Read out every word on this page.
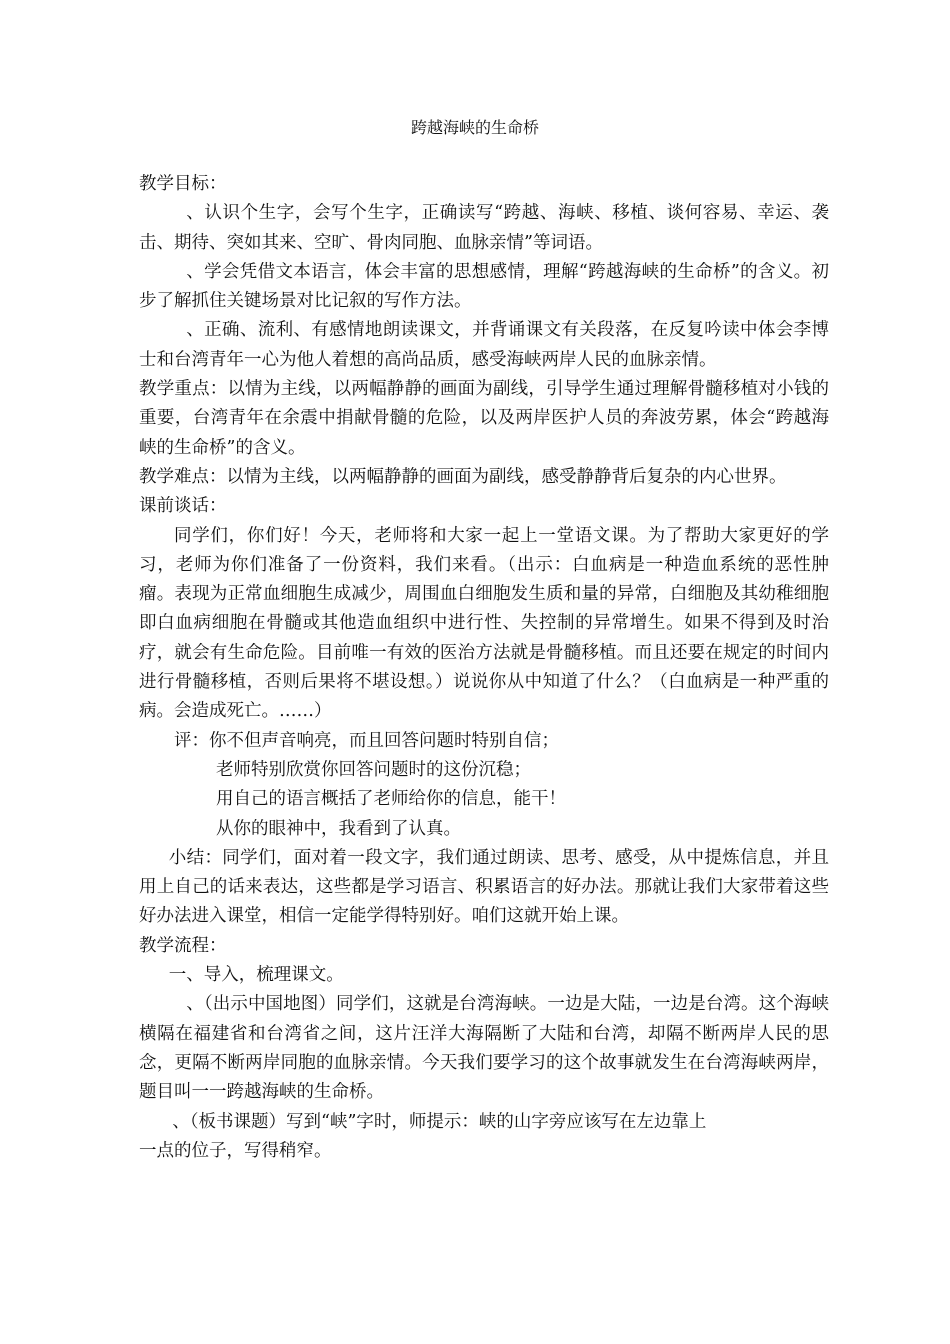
跨越海峡的生命桥

教学目标：

、认识个生字，会写个生字，正确读写“跨越、海峡、移植、谈何容易、幸运、袭击、期待、突如其来、空旷、骨肉同胞、血脉亲情”等词语。

、学会凭借文本语言，体会丰富的思想感情，理解“跨越海峡的生命桥”的含义。初步了解抓住关键场景对比记叙的写作方法。

、正确、流利、有感情地朗读课文，并背诵课文有关段落，在反复吟读中体会李博士和台湾青年一心为他人着想的高尚品质，感受海峡两岸人民的血脉亲情。

教学重点：以情为主线，以两幅静静的画面为副线，引导学生通过理解骨髓移植对小钱的重要，台湾青年在余震中捐献骨髓的危险，以及两岸医护人员的奔波劳累，体会“跨越海峡的生命桥”的含义。

教学难点：以情为主线，以两幅静静的画面为副线，感受静静背后复杂的内心世界。

课前谈话：

同学们，你们好！今天，老师将和大家一起上一堂语文课。为了帮助大家更好的学习，老师为你们准备了一份资料，我们来看。（出示：白血病是一种造血系统的恶性肿瘤。表现为正常血细胞生成减少，周围血白细胞发生质和量的异常，白细胞及其幼稚细胞即白血病细胞在骨髓或其他造血组织中进行性、失控制的异常增生。如果不得到及时治疗，就会有生命危险。目前唯一有效的医治方法就是骨髓移植。而且还要在规定的时间内进行骨髓移植，否则后果将不堪设想。）说说你从中知道了什么？（白血病是一种严重的病。会造成死亡。……）

评：你不但声音响亮，而且回答问题时特别自信；

老师特别欣赏你回答问题时的这份沉稳；

用自己的语言概括了老师给你的信息，能干！

从你的眼神中，我看到了认真。

小结：同学们，面对着一段文字，我们通过朗读、思考、感受，从中提炼信息，并且用上自己的话来表达，这些都是学习语言、积累语言的好办法。那就让我们大家带着这些好办法进入课堂，相信一定能学得特别好。咱们这就开始上课。

教学流程：

一、导入，梳理课文。

、（出示中国地图）同学们，这就是台湾海峡。一边是大陆，一边是台湾。这个海峡横隔在福建省和台湾省之间，这片汪洋大海隔断了大陆和台湾，却隔不断两岸人民的思念，更隔不断两岸同胞的血脉亲情。今天我们要学习的这个故事就发生在台湾海峡两岸，题目叫一一跨越海峡的生命桥。

、（板书课题）写到“峡”字时，师提示：峡的山字旁应该写在左边靠上

一点的位子，写得稍窄。
